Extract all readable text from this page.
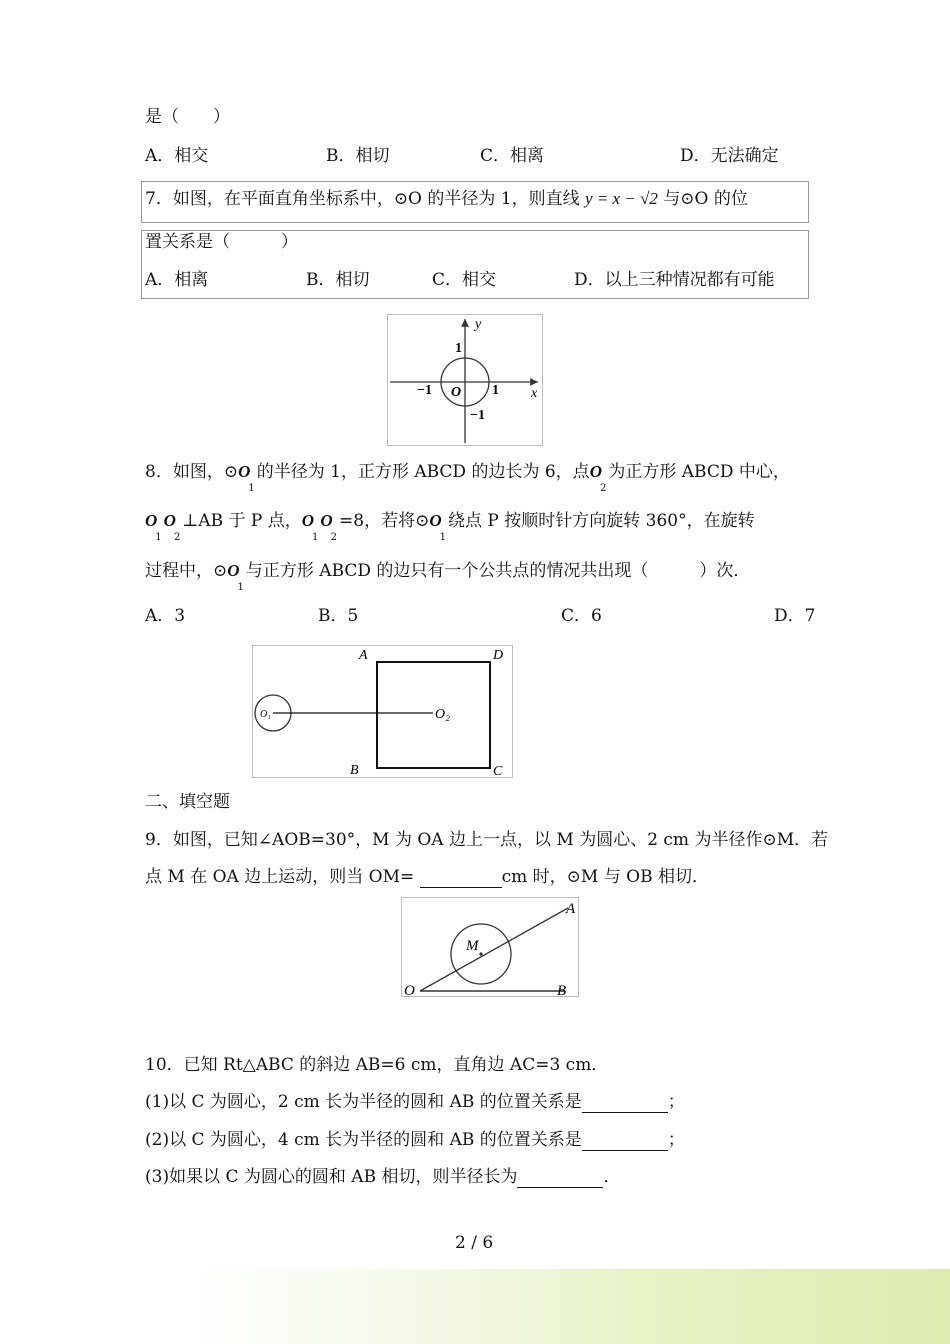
是（　　）
A．相交	B．相切	C．相离	D．无法确定
7．如图，在平面直角坐标系中，⊙O 的半径为 1，则直线 y = x − √2 与⊙O 的位
置关系是（　　　）
A．相离	B．相切	C．相交	D．以上三种情况都有可能
y
x
1
−1 O 1
−1
8．如图，$⊙O_1$的半径为 1，正方形 ABCD 的边长为 6，点$O_2$为正方形 ABCD 中心，
$O_1O_2\perp AB$ 于 P 点，$O_1O_2=8$，若将$⊙O_1$绕点 P 按顺时针方向旋转 360°，在旋转
过程中，$⊙O_1$与正方形 ABCD 的边只有一个公共点的情况共出现（　　　）次．
A．3	B．5	C．6	D．7
A	D
B	C
O₁	O₂
二、填空题
9．如图，已知∠AOB=30°，M 为 OA 边上一点，以 M 为圆心、2 cm 为半径作⊙M．若
点 M 在 OA 边上运动，则当 OM=	cm 时，⊙M 与 OB 相切．
A
M
O	B
10．已知 Rt△ABC 的斜边 AB=6 cm，直角边 AC=3 cm．
(1)以 C 为圆心，2 cm 长为半径的圆和 AB 的位置关系是	；
(2)以 C 为圆心，4 cm 长为半径的圆和 AB 的位置关系是	；
(3)如果以 C 为圆心的圆和 AB 相切，则半径长为	．
2 / 6
